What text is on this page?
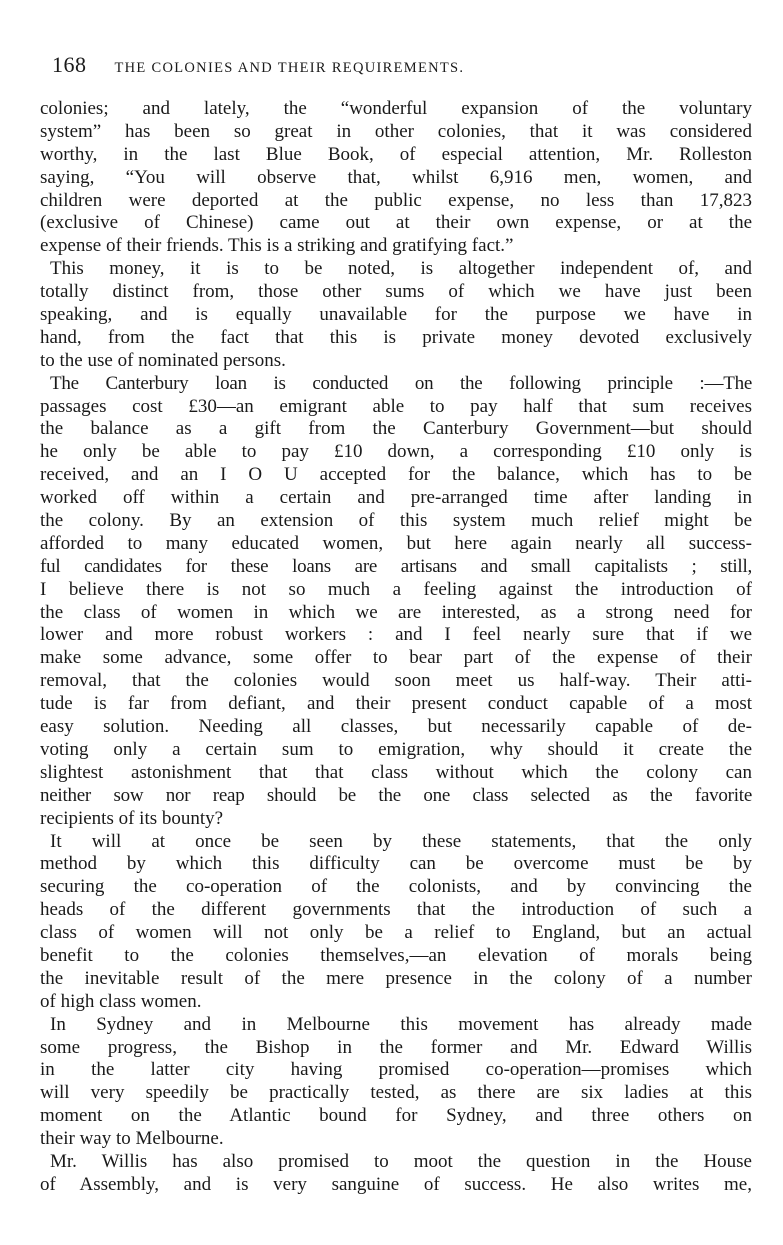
168 THE COLONIES AND THEIR REQUIREMENTS.
colonies; and lately, the “wonderful expansion of the voluntary
system” has been so great in other colonies, that it was considered
worthy, in the last Blue Book, of especial attention, Mr. Rolleston
saying, “You will observe that, whilst 6,916 men, women, and
children were deported at the public expense, no less than 17,823
(exclusive of Chinese) came out at their own expense, or at the
expense of their friends. This is a striking and gratifying fact.”
This money, it is to be noted, is altogether independent of, and
totally distinct from, those other sums of which we have just been
speaking, and is equally unavailable for the purpose we have in
hand, from the fact that this is private money devoted exclusively
to the use of nominated persons.
The Canterbury loan is conducted on the following principle :—The
passages cost £30—an emigrant able to pay half that sum receives
the balance as a gift from the Canterbury Government—but should
he only be able to pay £10 down, a corresponding £10 only is
received, and an I O U accepted for the balance, which has to be
worked off within a certain and pre-arranged time after landing in
the colony. By an extension of this system much relief might be
afforded to many educated women, but here again nearly all success-
ful candidates for these loans are artisans and small capitalists ; still,
I believe there is not so much a feeling against the introduction of
the class of women in which we are interested, as a strong need for
lower and more robust workers : and I feel nearly sure that if we
make some advance, some offer to bear part of the expense of their
removal, that the colonies would soon meet us half-way. Their atti-
tude is far from defiant, and their present conduct capable of a most
easy solution. Needing all classes, but necessarily capable of de-
voting only a certain sum to emigration, why should it create the
slightest astonishment that that class without which the colony can
neither sow nor reap should be the one class selected as the favorite
recipients of its bounty?
It will at once be seen by these statements, that the only
method by which this difficulty can be overcome must be by
securing the co-operation of the colonists, and by convincing the
heads of the different governments that the introduction of such a
class of women will not only be a relief to England, but an actual
benefit to the colonies themselves,—an elevation of morals being
the inevitable result of the mere presence in the colony of a number
of high class women.
In Sydney and in Melbourne this movement has already made
some progress, the Bishop in the former and Mr. Edward Willis
in the latter city having promised co-operation—promises which
will very speedily be practically tested, as there are six ladies at this
moment on the Atlantic bound for Sydney, and three others on
their way to Melbourne.
Mr. Willis has also promised to moot the question in the House
of Assembly, and is very sanguine of success. He also writes me,
